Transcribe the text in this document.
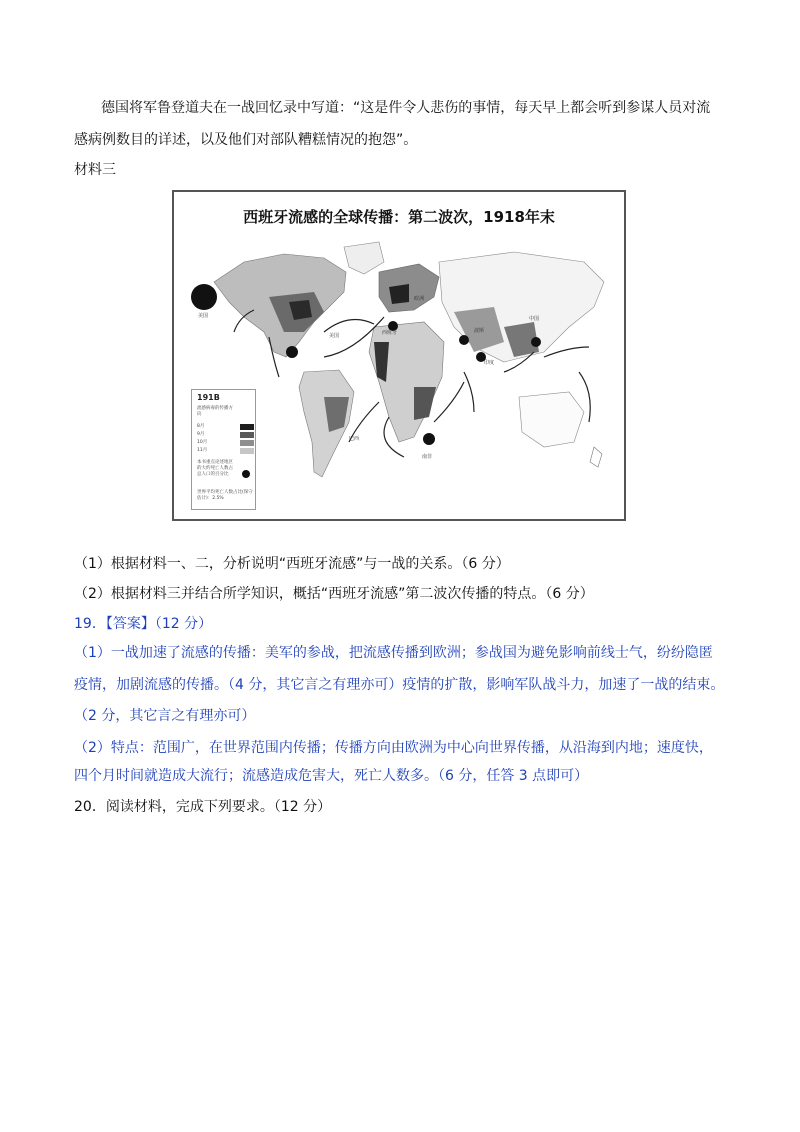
德国将军鲁登道夫在一战回忆录中写道：“这是件令人悲伤的事情，每天早上都会听到参谋人员对流
感病例数目的详述，以及他们对部队糟糕情况的抱怨”。
材料三
美国
美国	西班牙
欧洲
波斯
印度
中国
巴西
南非
西班牙流感的全球传播：第二波次，1918年末
191B
流感病毒的传播方向
8月
9月
10月
11月
本书重点论述地区的大约死亡人数占总人口的百分比
世界平均死亡人数占比(保守估计)：2.5%
（1）根据材料一、二，分析说明“西班牙流感”与一战的关系。（6 分）
（2）根据材料三并结合所学知识，概括“西班牙流感”第二波次传播的特点。（6 分）
19．【答案】（12 分）
（1）一战加速了流感的传播：美军的参战，把流感传播到欧洲；参战国为避免影响前线士气，纷纷隐匿
疫情，加剧流感的传播。（4 分，其它言之有理亦可）疫情的扩散，影响军队战斗力，加速了一战的结束。
（2 分，其它言之有理亦可）
（2）特点：范围广，在世界范围内传播；传播方向由欧洲为中心向世界传播，从沿海到内地；速度快，
四个月时间就造成大流行；流感造成危害大，死亡人数多。（6 分，任答 3 点即可）
20．阅读材料，完成下列要求。（12 分）
